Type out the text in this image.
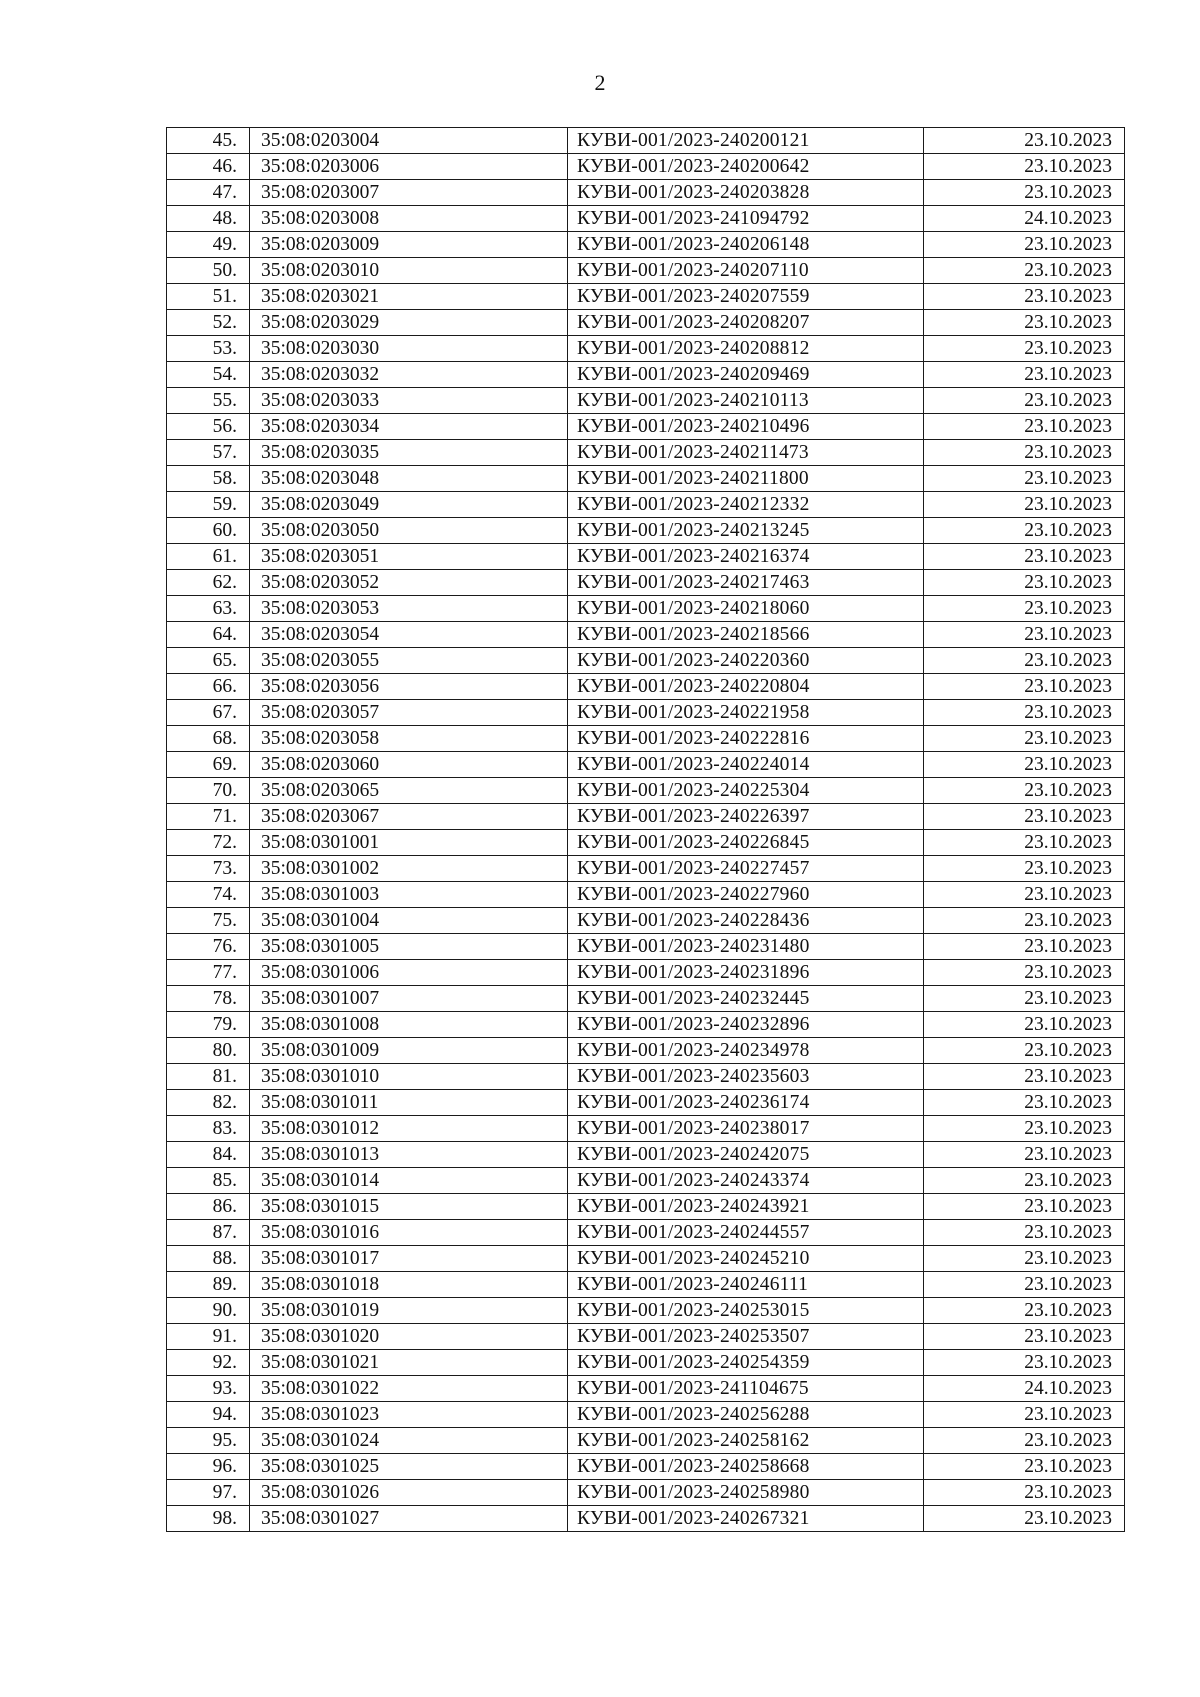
2
45.	35:08:0203004	КУВИ-001/2023-240200121	23.10.2023
46.	35:08:0203006	КУВИ-001/2023-240200642	23.10.2023
47.	35:08:0203007	КУВИ-001/2023-240203828	23.10.2023
48.	35:08:0203008	КУВИ-001/2023-241094792	24.10.2023
49.	35:08:0203009	КУВИ-001/2023-240206148	23.10.2023
50.	35:08:0203010	КУВИ-001/2023-240207110	23.10.2023
51.	35:08:0203021	КУВИ-001/2023-240207559	23.10.2023
52.	35:08:0203029	КУВИ-001/2023-240208207	23.10.2023
53.	35:08:0203030	КУВИ-001/2023-240208812	23.10.2023
54.	35:08:0203032	КУВИ-001/2023-240209469	23.10.2023
55.	35:08:0203033	КУВИ-001/2023-240210113	23.10.2023
56.	35:08:0203034	КУВИ-001/2023-240210496	23.10.2023
57.	35:08:0203035	КУВИ-001/2023-240211473	23.10.2023
58.	35:08:0203048	КУВИ-001/2023-240211800	23.10.2023
59.	35:08:0203049	КУВИ-001/2023-240212332	23.10.2023
60.	35:08:0203050	КУВИ-001/2023-240213245	23.10.2023
61.	35:08:0203051	КУВИ-001/2023-240216374	23.10.2023
62.	35:08:0203052	КУВИ-001/2023-240217463	23.10.2023
63.	35:08:0203053	КУВИ-001/2023-240218060	23.10.2023
64.	35:08:0203054	КУВИ-001/2023-240218566	23.10.2023
65.	35:08:0203055	КУВИ-001/2023-240220360	23.10.2023
66.	35:08:0203056	КУВИ-001/2023-240220804	23.10.2023
67.	35:08:0203057	КУВИ-001/2023-240221958	23.10.2023
68.	35:08:0203058	КУВИ-001/2023-240222816	23.10.2023
69.	35:08:0203060	КУВИ-001/2023-240224014	23.10.2023
70.	35:08:0203065	КУВИ-001/2023-240225304	23.10.2023
71.	35:08:0203067	КУВИ-001/2023-240226397	23.10.2023
72.	35:08:0301001	КУВИ-001/2023-240226845	23.10.2023
73.	35:08:0301002	КУВИ-001/2023-240227457	23.10.2023
74.	35:08:0301003	КУВИ-001/2023-240227960	23.10.2023
75.	35:08:0301004	КУВИ-001/2023-240228436	23.10.2023
76.	35:08:0301005	КУВИ-001/2023-240231480	23.10.2023
77.	35:08:0301006	КУВИ-001/2023-240231896	23.10.2023
78.	35:08:0301007	КУВИ-001/2023-240232445	23.10.2023
79.	35:08:0301008	КУВИ-001/2023-240232896	23.10.2023
80.	35:08:0301009	КУВИ-001/2023-240234978	23.10.2023
81.	35:08:0301010	КУВИ-001/2023-240235603	23.10.2023
82.	35:08:0301011	КУВИ-001/2023-240236174	23.10.2023
83.	35:08:0301012	КУВИ-001/2023-240238017	23.10.2023
84.	35:08:0301013	КУВИ-001/2023-240242075	23.10.2023
85.	35:08:0301014	КУВИ-001/2023-240243374	23.10.2023
86.	35:08:0301015	КУВИ-001/2023-240243921	23.10.2023
87.	35:08:0301016	КУВИ-001/2023-240244557	23.10.2023
88.	35:08:0301017	КУВИ-001/2023-240245210	23.10.2023
89.	35:08:0301018	КУВИ-001/2023-240246111	23.10.2023
90.	35:08:0301019	КУВИ-001/2023-240253015	23.10.2023
91.	35:08:0301020	КУВИ-001/2023-240253507	23.10.2023
92.	35:08:0301021	КУВИ-001/2023-240254359	23.10.2023
93.	35:08:0301022	КУВИ-001/2023-241104675	24.10.2023
94.	35:08:0301023	КУВИ-001/2023-240256288	23.10.2023
95.	35:08:0301024	КУВИ-001/2023-240258162	23.10.2023
96.	35:08:0301025	КУВИ-001/2023-240258668	23.10.2023
97.	35:08:0301026	КУВИ-001/2023-240258980	23.10.2023
98.	35:08:0301027	КУВИ-001/2023-240267321	23.10.2023
